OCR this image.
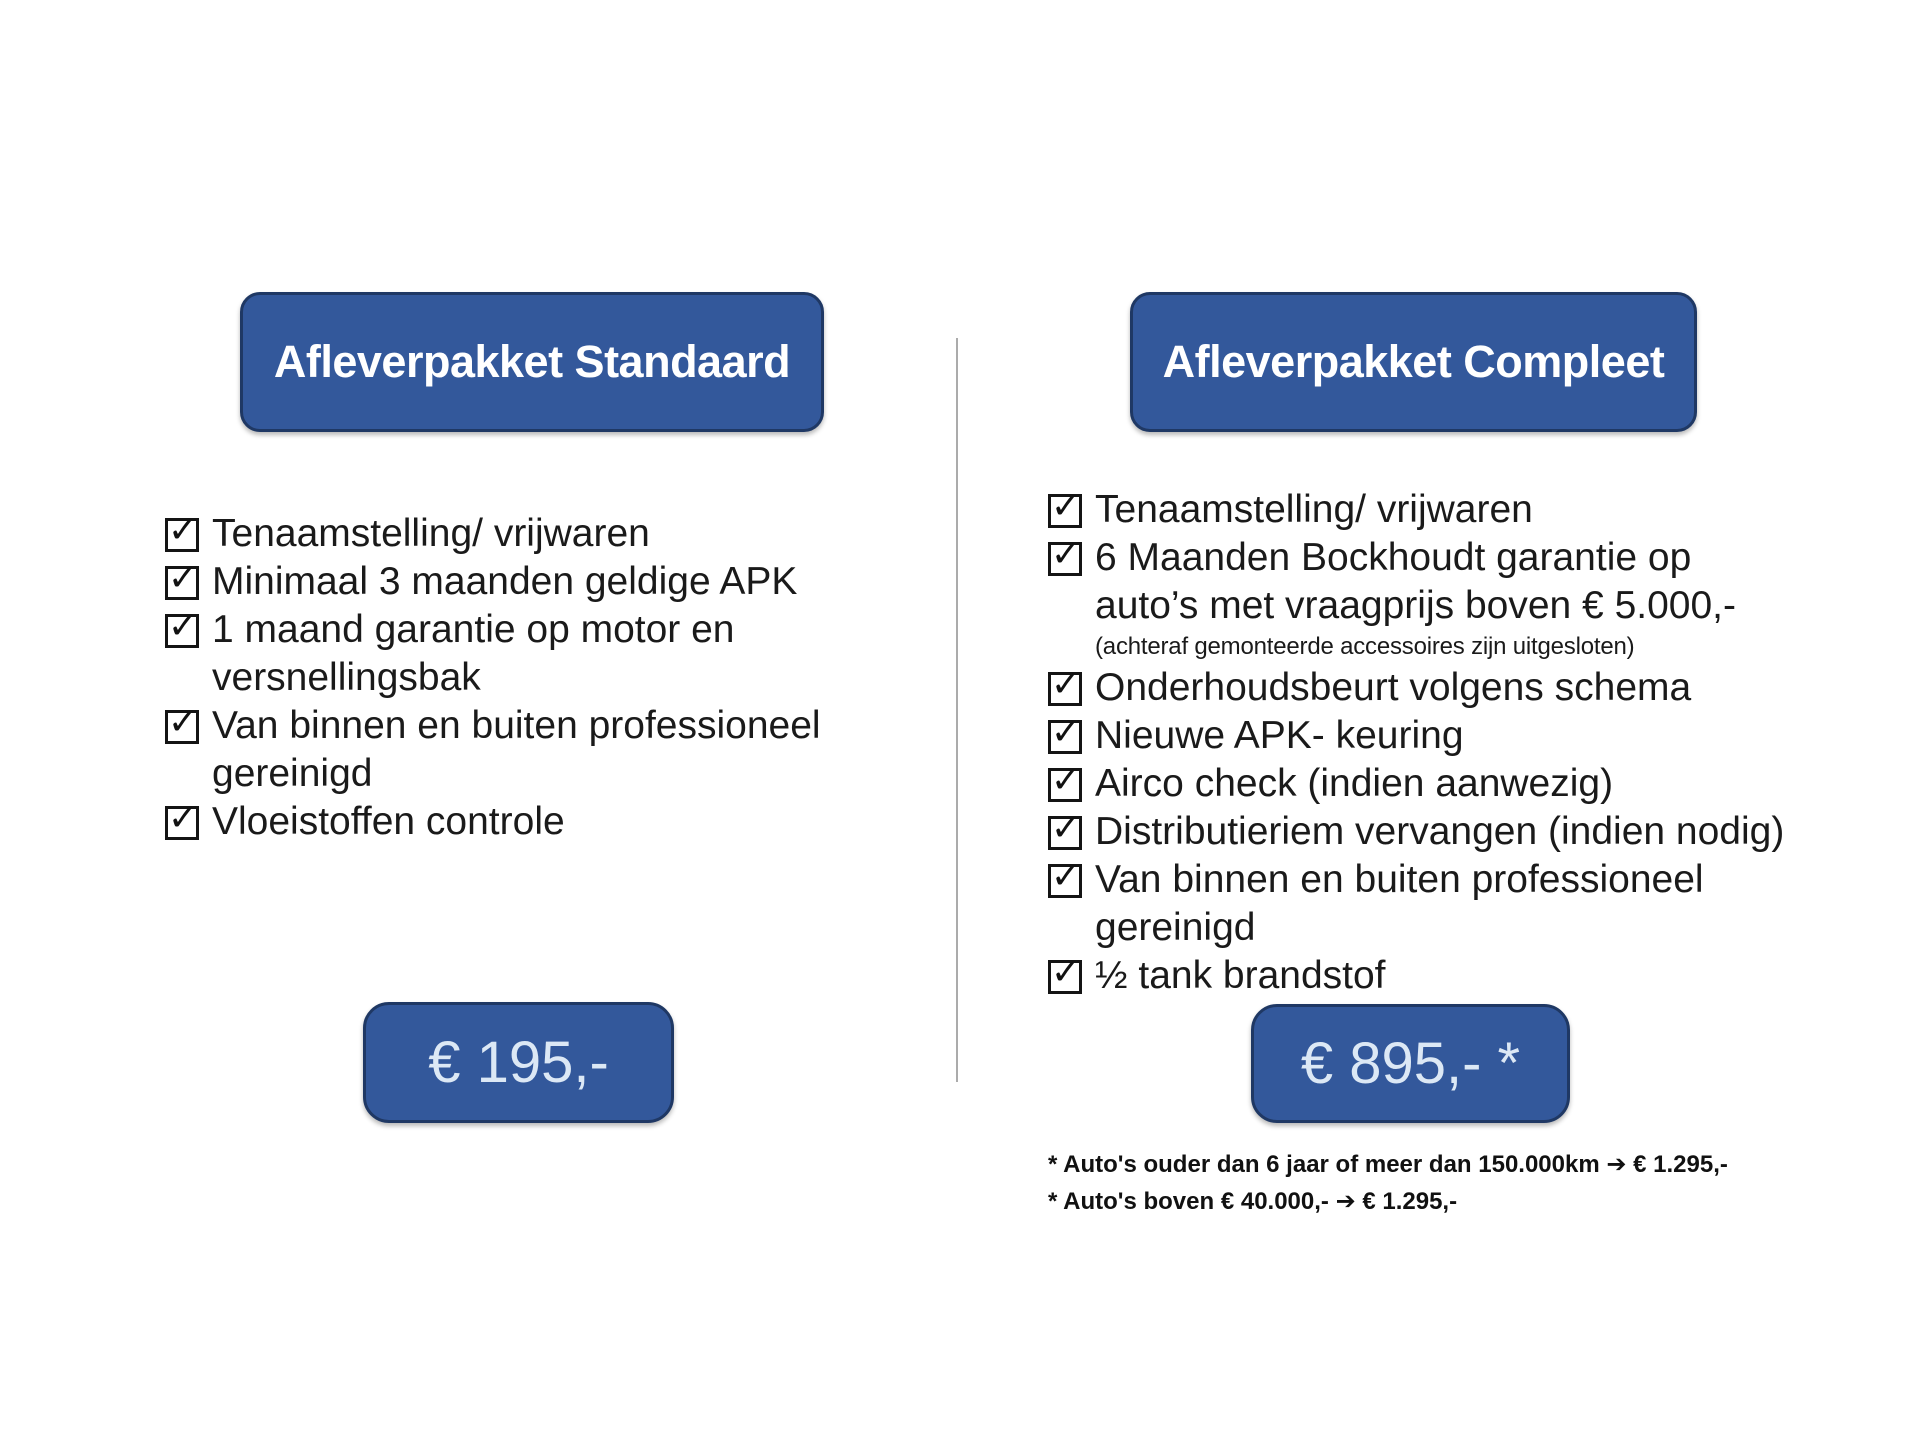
Afleverpakket Standaard	Afleverpakket Compleet
✓ Tenaamstelling/ vrijwaren
✓ Minimaal 3 maanden geldige APK
✓ 1 maand garantie op motor en
versnellingsbak
✓ Van binnen en buiten professioneel
gereinigd
✓ Vloeistoffen controle
✓ Tenaamstelling/ vrijwaren
✓ 6 Maanden Bockhoudt garantie op
auto’s met vraagprijs boven € 5.000,-
(achteraf gemonteerde accessoires zijn uitgesloten)
✓ Onderhoudsbeurt volgens schema
✓ Nieuwe APK- keuring
✓ Airco check (indien aanwezig)
✓ Distributieriem vervangen (indien nodig)
✓ Van binnen en buiten professioneel
gereinigd
✓ ½ tank brandstof
€ 195,-	€ 895,- *
* Auto's ouder dan 6 jaar of meer dan 150.000km ➔ € 1.295,-
* Auto's boven € 40.000,- ➔ € 1.295,-
